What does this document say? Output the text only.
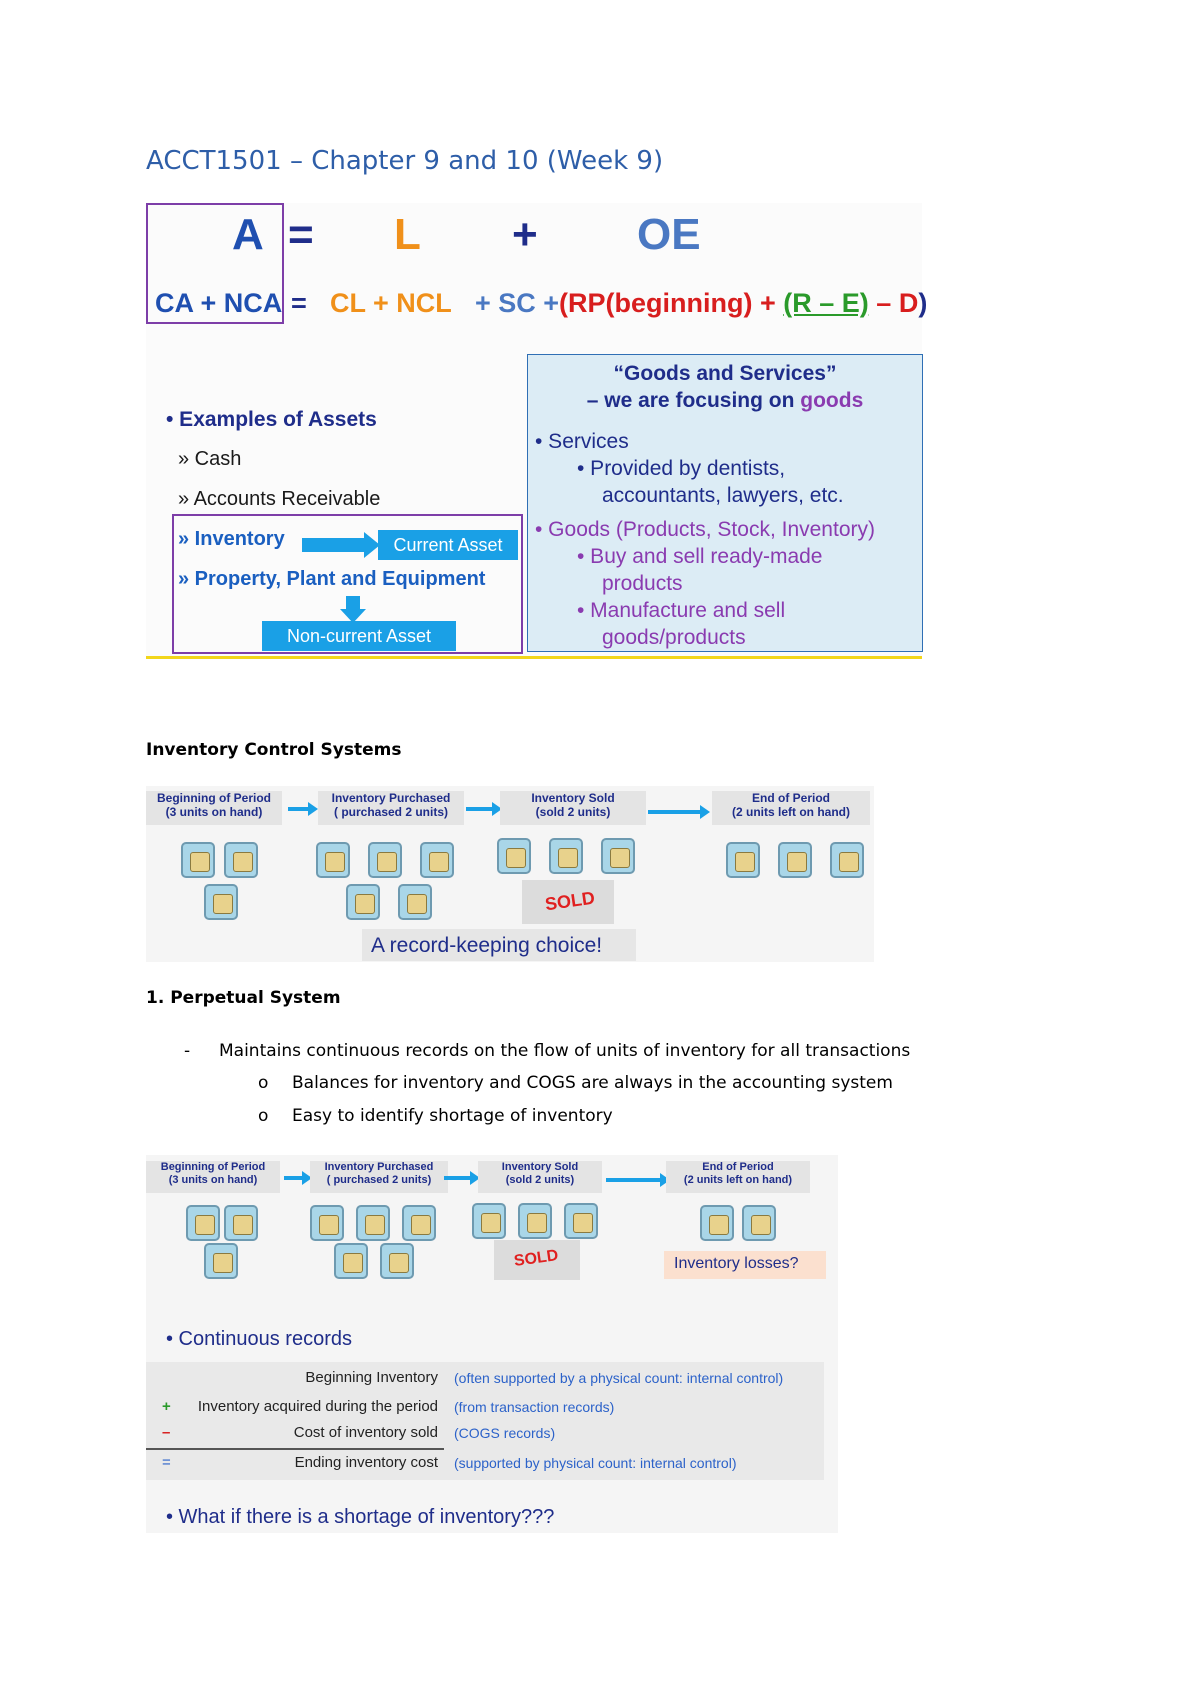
ACCT1501 – Chapter 9 and 10 (Week 9)
A = L + OE
CA + NCA = CL + NCL + SC +(RP(beginning) + (R – E) – D)
• Examples of Assets
» Cash
» Accounts Receivable
» Inventory	Current Asset
» Property, Plant and Equipment
Non-current Asset
“Goods and Services”
– we are focusing on goods
• Services
• Provided by dentists,
accountants, lawyers, etc.
• Goods (Products, Stock, Inventory)
• Buy and sell ready-made
products
• Manufacture and sell
goods/products
Inventory Control Systems
Beginning of Period
(3 units on hand)
Inventory Purchased
( purchased 2 units)
Inventory Sold
(sold 2 units)
End of Period
(2 units left on hand)
SOLD
A record-keeping choice!
1. Perpetual System
- Maintains continuous records on the flow of units of inventory for all transactions
o Balances for inventory and COGS are always in the accounting system
o Easy to identify shortage of inventory
Beginning of Period
(3 units on hand)
Inventory Purchased
( purchased 2 units)
Inventory Sold
(sold 2 units)
End of Period
(2 units left on hand)
SOLD	Inventory losses?
• Continuous records
Beginning Inventory (often supported by a physical count: internal control)
+	Inventory acquired during the period (from transaction records)
–	Cost of inventory sold (COGS records)
=	Ending inventory cost (supported by physical count: internal control)
• What if there is a shortage of inventory???
